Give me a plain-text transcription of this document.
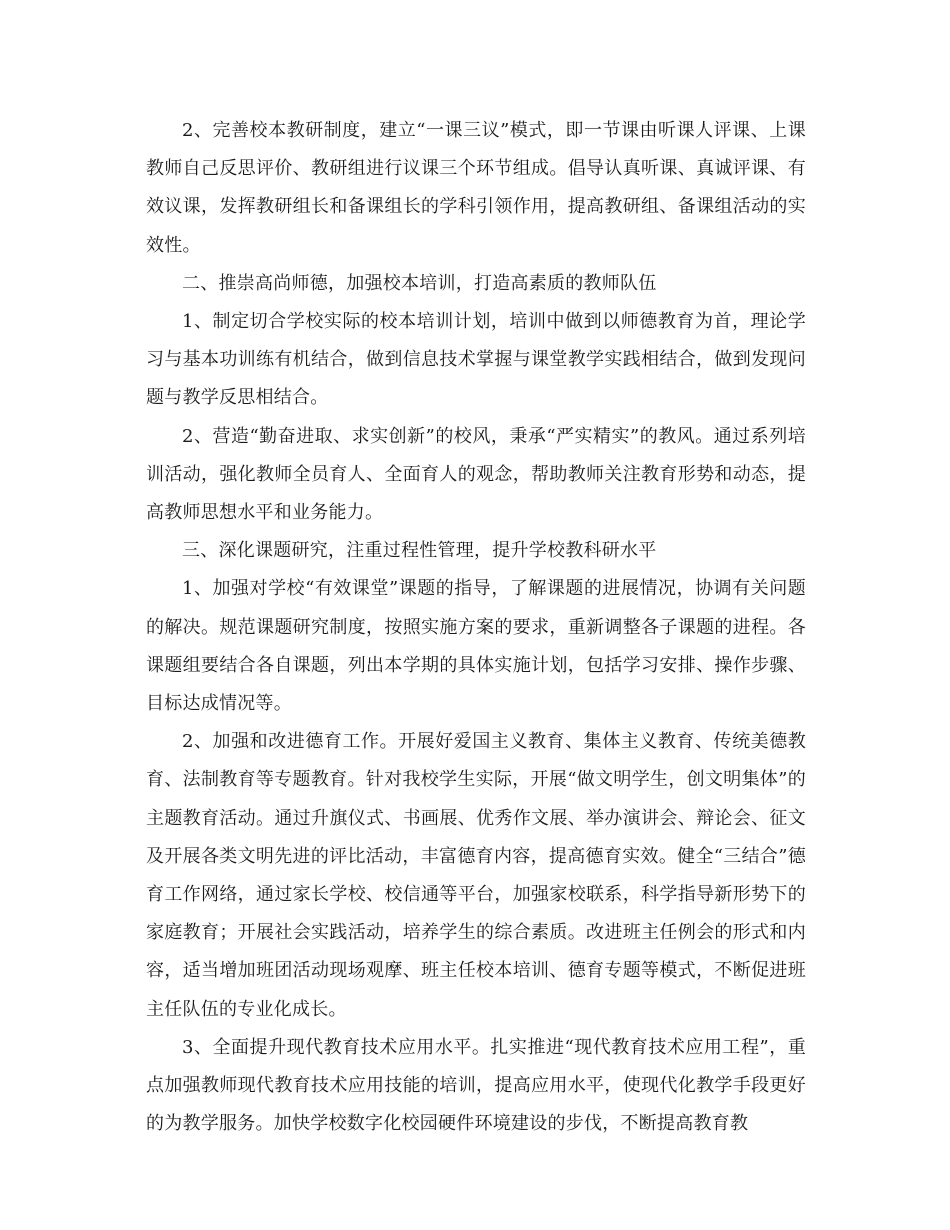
2、完善校本教研制度，建立“一课三议”模式，即一节课由听课人评课、上课教师自己反思评价、教研组进行议课三个环节组成。倡导认真听课、真诚评课、有效议课，发挥教研组长和备课组长的学科引领作用，提高教研组、备课组活动的实效性。

二、推崇高尚师德，加强校本培训，打造高素质的教师队伍

1、制定切合学校实际的校本培训计划，培训中做到以师德教育为首，理论学习与基本功训练有机结合，做到信息技术掌握与课堂教学实践相结合，做到发现问题与教学反思相结合。

2、营造“勤奋进取、求实创新”的校风，秉承“严实精实”的教风。通过系列培训活动，强化教师全员育人、全面育人的观念，帮助教师关注教育形势和动态，提高教师思想水平和业务能力。

三、深化课题研究，注重过程性管理，提升学校教科研水平

1、加强对学校“有效课堂”课题的指导，了解课题的进展情况，协调有关问题的解决。规范课题研究制度，按照实施方案的要求，重新调整各子课题的进程。各课题组要结合各自课题，列出本学期的具体实施计划，包括学习安排、操作步骤、目标达成情况等。

2、加强和改进德育工作。开展好爱国主义教育、集体主义教育、传统美德教育、法制教育等专题教育。针对我校学生实际，开展“做文明学生，创文明集体”的主题教育活动。通过升旗仪式、书画展、优秀作文展、举办演讲会、辩论会、征文及开展各类文明先进的评比活动，丰富德育内容，提高德育实效。健全“三结合”德育工作网络，通过家长学校、校信通等平台，加强家校联系，科学指导新形势下的家庭教育；开展社会实践活动，培养学生的综合素质。改进班主任例会的形式和内容，适当增加班团活动现场观摩、班主任校本培训、德育专题等模式，不断促进班主任队伍的专业化成长。

3、全面提升现代教育技术应用水平。扎实推进“现代教育技术应用工程”，重点加强教师现代教育技术应用技能的培训，提高应用水平，使现代化教学手段更好的为教学服务。加快学校数字化校园硬件环境建设的步伐，不断提高教育教
